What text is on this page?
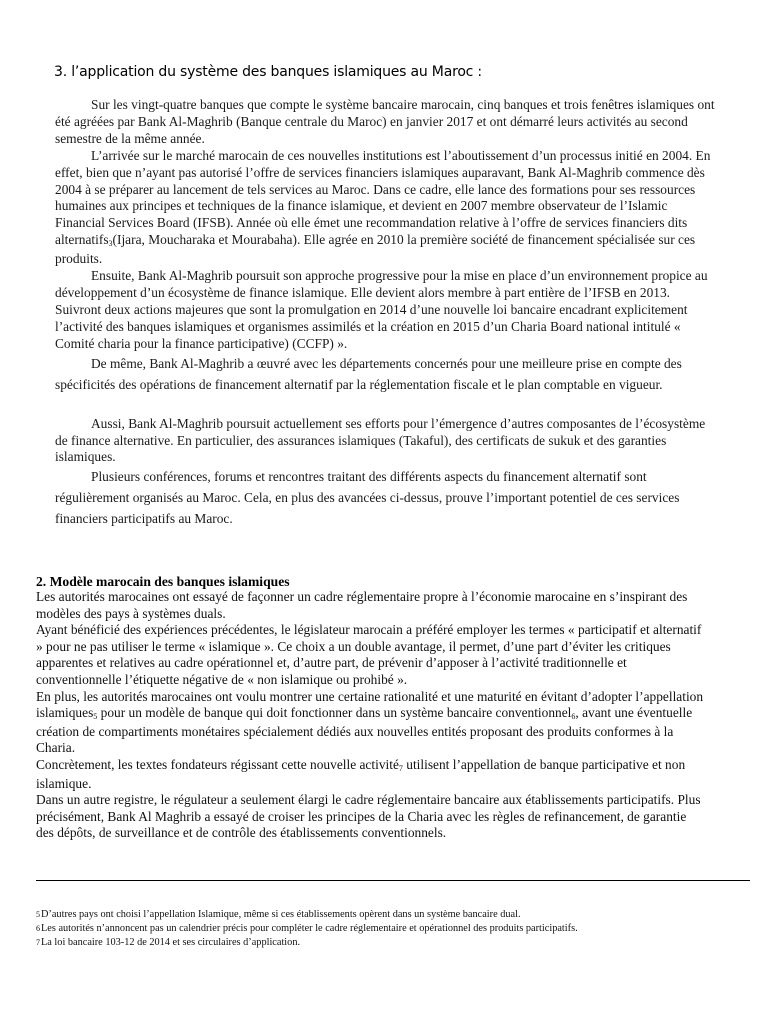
3. l’application du système des banques islamiques au Maroc :

Sur les vingt-quatre banques que compte le système bancaire marocain, cinq banques et trois fenêtres islamiques ont été agréées par Bank Al-Maghrib (Banque centrale du Maroc) en janvier 2017 et ont démarré leurs activités au second semestre de la même année.

L’arrivée sur le marché marocain de ces nouvelles institutions est l’aboutissement d’un processus initié en 2004. En effet, bien que n’ayant pas autorisé l’offre de services financiers islamiques auparavant, Bank Al-Maghrib commence dès 2004 à se préparer au lancement de tels services au Maroc. Dans ce cadre, elle lance des formations pour ses ressources humaines aux principes et techniques de la finance islamique, et devient en 2007 membre observateur de l’Islamic Financial Services Board (IFSB). Année où elle émet une recommandation relative à l’offre de services financiers dits alternatifs$^3$(Ijara, Moucharaka et Mourabaha). Elle agrée en 2010 la première société de financement spécialisée sur ces produits.

Ensuite, Bank Al-Maghrib poursuit son approche progressive pour la mise en place d’un environnement propice au développement d’un écosystème de finance islamique. Elle devient alors membre à part entière de l’IFSB en 2013. Suivront deux actions majeures que sont la promulgation en 2014 d’une nouvelle loi bancaire encadrant explicitement l’activité des banques islamiques et organismes assimilés et la création en 2015 d’un Charia Board national intitulé « Comité charia pour la finance participative) (CCFP) ».

De même, Bank Al-Maghrib a œuvré avec les départements concernés pour une meilleure prise en compte des spécificités des opérations de financement alternatif par la réglementation fiscale et le plan comptable en vigueur.

Aussi, Bank Al-Maghrib poursuit actuellement ses efforts pour l’émergence d’autres composantes de l’écosystème de finance alternative. En particulier, des assurances islamiques (Takaful), des certificats de sukuk et des garanties islamiques.

Plusieurs conférences, forums et rencontres traitant des différents aspects du financement alternatif sont régulièrement organisés au Maroc. Cela, en plus des avancées ci-dessus, prouve l’important potentiel de ces services financiers participatifs au Maroc.

2. Modèle marocain des banques islamiques

Les autorités marocaines ont essayé de façonner un cadre réglementaire propre à l’économie marocaine en s’inspirant des modèles des pays à systèmes duals.

Ayant bénéficié des expériences précédentes, le législateur marocain a préféré employer les termes « participatif et alternatif » pour ne pas utiliser le terme « islamique ». Ce choix a un double avantage, il permet, d’une part d’éviter les critiques apparentes et relatives au cadre opérationnel et, d’autre part, de prévenir d’apposer à l’activité traditionnelle et conventionnelle l’étiquette négative de « non islamique ou prohibé ».

En plus, les autorités marocaines ont voulu montrer une certaine rationalité et une maturité en évitant d’adopter l’appellation islamiques$^5$ pour un modèle de banque qui doit fonctionner dans un système bancaire conventionnel$^6$, avant une éventuelle création de compartiments monétaires spécialement dédiés aux nouvelles entités proposant des produits conformes à la Charia.

Concrètement, les textes fondateurs régissant cette nouvelle activité$^7$ utilisent l’appellation de banque participative et non islamique.

Dans un autre registre, le régulateur a seulement élargi le cadre réglementaire bancaire aux établissements participatifs. Plus précisément, Bank Al Maghrib a essayé de croiser les principes de la Charia avec les règles de refinancement, de garantie des dépôts, de surveillance et de contrôle des établissements conventionnels.

5D’autres pays ont choisi l’appellation Islamique, même si ces établissements opèrent dans un système bancaire dual.
6Les autorités n’annoncent pas un calendrier précis pour compléter le cadre réglementaire et opérationnel des produits participatifs.
7La loi bancaire 103-12 de 2014 et ses circulaires d’application.
